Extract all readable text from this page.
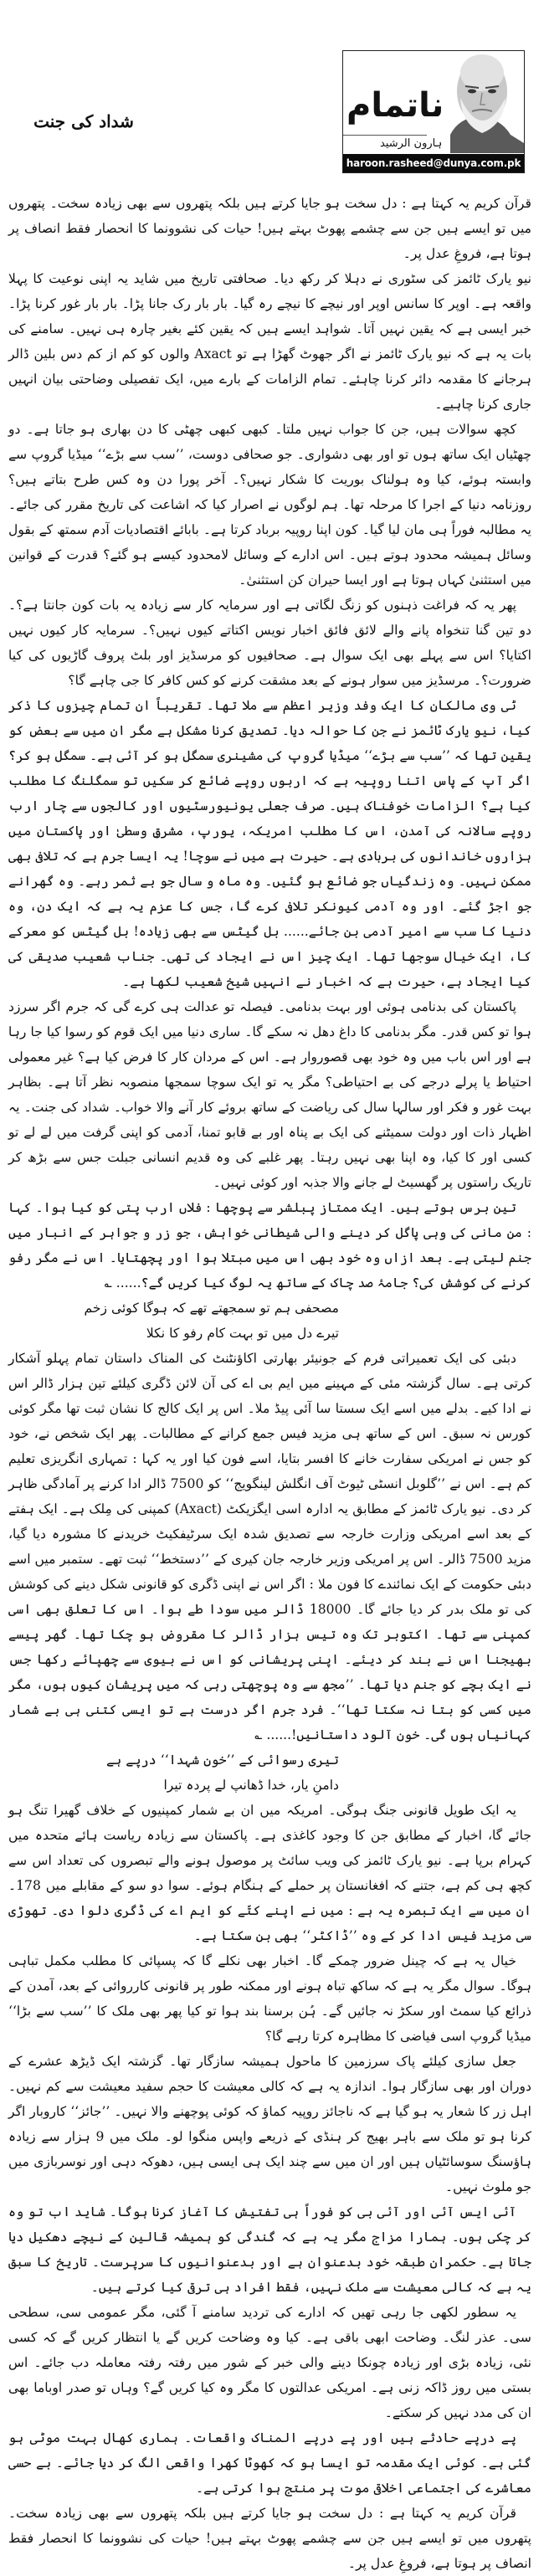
ناتمام
ہارون الرشید
haroon.rasheed@dunya.com.pk
شداد کی جنت

قرآن کریم یہ کہتا ہے : دل سخت ہو جایا کرتے ہیں بلکہ پتھروں سے بھی زیادہ سخت۔ پتھروں میں تو ایسے ہیں جن سے چشمے پھوٹ بہتے ہیں! حیات کی نشوونما کا انحصار فقط انصاف پر ہوتا ہے، فروغِ عدل پر۔

نیو یارک ٹائمز کی سٹوری نے دہلا کر رکھ دیا۔ صحافتی تاریخ میں شاید یہ اپنی نوعیت کا پہلا واقعہ ہے۔ اوپر کا سانس اوپر اور نیچے کا نیچے رہ گیا۔ بار بار رک جانا پڑا۔ بار بار غور کرنا پڑا۔ خبر ایسی ہے کہ یقین نہیں آتا۔ شواہد ایسے ہیں کہ یقین کئے بغیر چارہ ہی نہیں۔ سامنے کی بات یہ ہے کہ نیو یارک ٹائمز نے اگر جھوٹ گھڑا ہے تو Axact والوں کو کم از کم دس بلین ڈالر ہرجانے کا مقدمہ دائر کرنا چاہئے۔ تمام الزامات کے بارے میں، ایک تفصیلی وضاحتی بیان انہیں جاری کرنا چاہیے۔

کچھ سوالات ہیں، جن کا جواب نہیں ملتا۔ کبھی کبھی چھٹی کا دن بھاری ہو جاتا ہے۔ دو چھٹیاں ایک ساتھ ہوں تو اور بھی دشواری۔ جو صحافی دوست، ’’سب سے بڑے‘‘ میڈیا گروپ سے وابستہ ہوئے، کیا وہ ہولناک بوریت کا شکار نہیں؟۔ آخر پورا دن وہ کس طرح بتاتے ہیں؟ روزنامہ دنیا کے اجرا کا مرحلہ تھا۔ ہم لوگوں نے اصرار کیا کہ اشاعت کی تاریخ مقرر کی جائے۔ یہ مطالبہ فوراً ہی مان لیا گیا۔ کون اپنا روپیہ برباد کرتا ہے۔ بابائے اقتصادیات آدم سمتھ کے بقول وسائل ہمیشہ محدود ہوتے ہیں۔ اس ادارے کے وسائل لامحدود کیسے ہو گئے؟ قدرت کے قوانین میں استثنیٰ کہاں ہوتا ہے اور ایسا حیران کن استثنیٰ۔

پھر یہ کہ فراغت ذہنوں کو زنگ لگاتی ہے اور سرمایہ کار سے زیادہ یہ بات کون جانتا ہے؟۔ دو تین گنا تنخواہ پانے والے لائق فائق اخبار نویس اکتاتے کیوں نہیں؟۔ سرمایہ کار کیوں نہیں اکتایا؟ اس سے پہلے بھی ایک سوال ہے۔ صحافیوں کو مرسڈیز اور بلٹ پروف گاڑیوں کی کیا ضرورت؟۔ مرسڈیز میں سوار ہونے کے بعد مشقت کرنے کو کس کافر کا جی چاہے گا؟

ٹی وی مالکان کا ایک وفد وزیر اعظم سے ملا تھا۔ تقریباً ان تمام چیزوں کا ذکر کیا، نیو یارک ٹائمز نے جن کا حوالہ دیا۔ تصدیق کرنا مشکل ہے مگر ان میں سے بعض کو یقین تھا کہ ’’سب سے بڑے‘‘ میڈیا گروپ کی مشینری سمگل ہو کر آئی ہے۔ سمگل ہو کر؟ اگر آپ کے پاس اتنا روپیہ ہے کہ اربوں روپے ضائع کر سکیں تو سمگلنگ کا مطلب کیا ہے؟ الزامات خوفناک ہیں۔ صرف جعلی یونیورسٹیوں اور کالجوں سے چار ارب روپے سالانہ کی آمدن، اس کا مطلب امریکہ، یورپ، مشرقِ وسطیٰ اور پاکستان میں ہزاروں خاندانوں کی بربادی ہے۔ حیرت ہے میں نے سوچا! یہ ایسا جرم ہے کہ تلافی بھی ممکن نہیں۔ وہ زندگیاں جو ضائع ہو گئیں۔ وہ ماہ و سال جو بے ثمر رہے۔ وہ گھرانے جو اجڑ گئے۔ اور وہ آدمی کیونکر تلافی کرے گا، جس کا عزم یہ ہے کہ ایک دن، وہ دنیا کا سب سے امیر آدمی بن جائے...... بل گیٹس سے بھی زیادہ! بل گیٹس کو معرکے کا، ایک خیال سوجھا تھا۔ ایک چیز اس نے ایجاد کی تھی۔ جناب شعیب صدیقی کی کیا ایجاد ہے، حیرت ہے کہ اخبار نے انہیں شیخ شعیب لکھا ہے۔

پاکستان کی بدنامی ہوئی اور بہت بدنامی۔ فیصلہ تو عدالت ہی کرے گی کہ جرم اگر سرزد ہوا تو کس قدر۔ مگر بدنامی کا داغ دھل نہ سکے گا۔ ساری دنیا میں ایک قوم کو رسوا کیا جا رہا ہے اور اس باب میں وہ خود بھی قصوروار ہے۔ اس کے مردان کار کا فرض کیا ہے؟ غیر معمولی احتیاط یا پرلے درجے کی بے احتیاطی؟ مگر یہ تو ایک سوچا سمجھا منصوبہ نظر آتا ہے۔ بظاہر بہت غور و فکر اور سالہا سال کی ریاضت کے ساتھ بروئے کار آنے والا خواب۔ شداد کی جنت۔ یہ اظہار ذات اور دولت سمیٹنے کی ایک بے پناہ اور بے قابو تمنا، آدمی کو اپنی گرفت میں لے لے تو کسی اور کا کیا، وہ اپنا بھی نہیں رہتا۔ پھر غلبے کی وہ قدیم انسانی جبلت جس سے بڑھ کر تاریک راستوں پر گھسیٹ لے جانے والا جذبہ اور کوئی نہیں۔

تین برس ہوتے ہیں۔ ایک ممتاز پبلشر سے پوچھا : فلاں ارب پتی کو کیا ہوا۔ کہا : من مانی کی وہی پاگل کر دینے والی شیطانی خواہش، جو زر و جواہر کے انبار میں جنم لیتی ہے۔ بعد ازاں وہ خود بھی اس میں مبتلا ہوا اور پچھتایا۔ اس نے مگر رفو کرنے کی کوشش کی؟ جامۂ صد چاک کے ساتھ یہ لوگ کیا کریں گے؟...... ؎

مصحفی ہم تو سمجھتے تھے کہ ہوگا کوئی زخم

تیرے دل میں تو بہت کام رفو کا نکلا

دبئی کی ایک تعمیراتی فرم کے جونیئر بھارتی اکاؤنٹنٹ کی المناک داستان تمام پہلو آشکار کرتی ہے۔ سال گزشتہ مئی کے مہینے میں ایم بی اے کی آن لائن ڈگری کیلئے تین ہزار ڈالر اس نے ادا کیے۔ بدلے میں اسے ایک سستا سا آئی پیڈ ملا۔ اس پر ایک کالج کا نشان ثبت تھا مگر کوئی کورس نہ سبق۔ اس کے ساتھ ہی مزید فیس جمع کرانے کے مطالبات۔ پھر ایک شخص نے، خود کو جس نے امریکی سفارت خانے کا افسر بتایا، اسے فون کیا اور یہ کہا : تمہاری انگریزی تعلیم کم ہے۔ اس نے ’’گلوبل انسٹی ٹیوٹ آف انگلش لینگویج‘‘ کو 7500 ڈالر ادا کرنے پر آمادگی ظاہر کر دی۔ نیو یارک ٹائمز کے مطابق یہ ادارہ اسی ایگزیکٹ (Axact) کمپنی کی مِلک ہے۔ ایک ہفتے کے بعد اسے امریکی وزارت خارجہ سے تصدیق شدہ ایک سرٹیفکیٹ خریدنے کا مشورہ دیا گیا، مزید 7500 ڈالر۔ اس پر امریکی وزیر خارجہ جان کیری کے ’’دستخط‘‘ ثبت تھے۔ ستمبر میں اسے دبئی حکومت کے ایک نمائندے کا فون ملا : اگر اس نے اپنی ڈگری کو قانونی شکل دینے کی کوشش کی تو ملک بدر کر دیا جائے گا۔ 18000 ڈالر میں سودا طے ہوا۔ اس کا تعلق بھی اسی کمپنی سے تھا۔ اکتوبر تک وہ تیس ہزار ڈالر کا مقروض ہو چکا تھا۔ گھر پیسے بھیجنا اس نے بند کر دیئے۔ اپنی پریشانی کو اس نے بیوی سے چھپائے رکھا جس نے ایک بچے کو جنم دیا تھا۔ ’’مجھ سے وہ پوچھتی رہی کہ میں پریشان کیوں ہوں، مگر میں کسی کو بتا نہ سکتا تھا‘‘۔ فرد جرم اگر درست ہے تو ایسی کتنی ہی بے شمار کہانیاں ہوں گی۔ خون آلود داستانیں!...... ؎

تیری رسوائی کے ’’خونِ شہدا‘‘ درپے ہے

دامنِ یار، خدا ڈھانپ لے پردہ تیرا

یہ ایک طویل قانونی جنگ ہوگی۔ امریکہ میں ان بے شمار کمپنیوں کے خلاف گھیرا تنگ ہو جائے گا، اخبار کے مطابق جن کا وجود کاغذی ہے۔ پاکستان سے زیادہ ریاست ہائے متحدہ میں کہرام برپا ہے۔ نیو یارک ٹائمز کی ویب سائٹ پر موصول ہونے والے تبصروں کی تعداد اس سے کچھ ہی کم ہے، جتنے کہ افغانستان پر حملے کے ہنگام ہوئے۔ سوا دو سو کے مقابلے میں 178۔ ان میں سے ایک تبصرہ یہ ہے : میں نے اپنے کتّے کو ایم اے کی ڈگری دلوا دی۔ تھوڑی سی مزید فیس ادا کر کے وہ ’’ڈاکٹر‘‘ بھی بن سکتا ہے۔

خیال یہ ہے کہ چینل ضرور چمکے گا۔ اخبار بھی نکلے گا کہ پسپائی کا مطلب مکمل تباہی ہوگا۔ سوال مگر یہ ہے کہ ساکھ تباہ ہونے اور ممکنہ طور پر قانونی کارروائی کے بعد، آمدن کے ذرائع کیا سمٹ اور سکڑ نہ جائیں گے۔ ہُن برسنا بند ہوا تو کیا پھر بھی ملک کا ’’سب سے بڑا‘‘ میڈیا گروپ اسی فیاضی کا مظاہرہ کرتا رہے گا؟

جعل سازی کیلئے پاک سرزمین کا ماحول ہمیشہ سازگار تھا۔ گزشتہ ایک ڈیڑھ عشرے کے دوران اور بھی سازگار ہوا۔ اندازہ یہ ہے کہ کالی معیشت کا حجم سفید معیشت سے کم نہیں۔ اہل زر کا شعار یہ ہو گیا ہے کہ ناجائز روپیہ کماؤ کہ کوئی پوچھنے والا نہیں۔ ’’جائز‘‘ کاروبار اگر کرنا ہو تو ملک سے باہر بھیج کر ہنڈی کے ذریعے واپس منگوا لو۔ ملک میں 9 ہزار سے زیادہ ہاؤسنگ سوسائٹیاں ہیں اور ان میں سے چند ایک ہی ایسی ہیں، دھوکہ دہی اور نوسربازی میں جو ملوث نہیں۔

آئی ایس آئی اور آئی بی کو فوراً ہی تفتیش کا آغاز کرنا ہوگا۔ شاید اب تو وہ کر چکی ہوں۔ ہمارا مزاج مگر یہ ہے کہ گندگی کو ہمیشہ قالین کے نیچے دھکیل دیا جاتا ہے۔ حکمران طبقہ خود بدعنوان ہے اور بدعنوانیوں کا سرپرست۔ تاریخ کا سبق یہ ہے کہ کالی معیشت سے ملک نہیں، فقط افراد ہی ترقی کیا کرتے ہیں۔

یہ سطور لکھی جا رہی تھیں کہ ادارے کی تردید سامنے آ گئی، مگر عمومی سی، سطحی سی۔ عذر لنگ۔ وضاحت ابھی باقی ہے۔ کیا وہ وضاحت کریں گے یا انتظار کریں گے کہ کسی نئی، زیادہ بڑی اور زیادہ چونکا دینے والی خبر کے شور میں رفتہ رفتہ معاملہ دب جائے۔ اس بستی میں روز ڈاکہ زنی ہے۔ امریکی عدالتوں کا مگر وہ کیا کریں گے؟ وہاں تو صدر اوباما بھی ان کی مدد نہیں کر سکتے۔

پے درپے حادثے ہیں اور پے درپے المناک واقعات۔ ہماری کھال بہت موٹی ہو گئی ہے۔ کوئی ایک مقدمہ تو ایسا ہو کہ کھوٹا کھرا واقعی الگ کر دیا جائے۔ بے حسی معاشرے کی اجتماعی اخلاقی موت پر منتج ہوا کرتی ہے۔

قرآن کریم یہ کہتا ہے : دل سخت ہو جایا کرتے ہیں بلکہ پتھروں سے بھی زیادہ سخت۔ پتھروں میں تو ایسے ہیں جن سے چشمے پھوٹ بہتے ہیں! حیات کی نشوونما کا انحصار فقط انصاف پر ہوتا ہے، فروغِ عدل پر۔
